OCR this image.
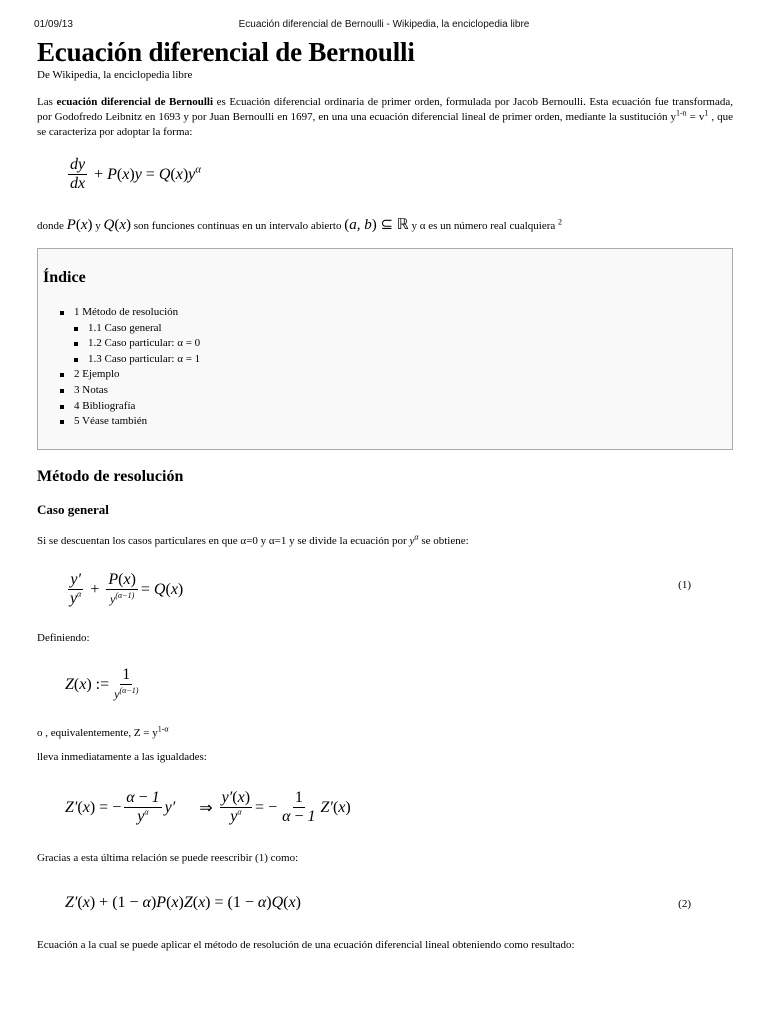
01/09/13	Ecuación diferencial de Bernoulli - Wikipedia, la enciclopedia libre
Ecuación diferencial de Bernoulli
De Wikipedia, la enciclopedia libre

Las ecuación diferencial de Bernoulli es Ecuación diferencial ordinaria de primer orden, formulada por Jacob Bernoulli. Esta ecuación fue transformada, por Godofredo Leibnitz en 1693 y por Juan Bernoulli en 1697, en una una ecuación diferencial lineal de primer orden, mediante la sustitución $y^{1-n} = v^1$ , que se caracteriza por adoptar la forma:

$\frac{dy}{dx} + P(x)y = Q(x)y^\alpha$

donde P(x) y Q(x) son funciones continuas en un intervalo abierto (a, b) ⊆ ℝ y α es un número real cualquiera $^2$

Índice
1 Método de resolución
1.1 Caso general
1.2 Caso particular: α = 0
1.3 Caso particular: α = 1
2 Ejemplo
3 Notas
4 Bibliografía
5 Véase también
Método de resolución
Caso general

Si se descuentan los casos particulares en que α=0 y α=1 y se divide la ecuación por $y^\alpha$ se obtiene:

$\frac{y'}{y^\alpha} + \frac{P(x)}{y^{(\alpha-1)}} = Q(x)$	(1)

Definiendo:

Z(x) := $\frac{1}{y^{(\alpha-1)}}$

o , equivalentemente, $Z = y^{1-\alpha}$

lleva inmediatamente a las igualdades:

Z′(x) = − $\frac{\alpha - 1}{y^\alpha} y'$ ⇒ $\frac{y'(x)}{y^\alpha}$ = − $\frac{1}{\alpha - 1} Z'(x)$

Gracias a esta última relación se puede reescribir (1) como:

Z′(x) + (1 − α)P(x)Z(x) = (1 − α)Q(x)	(2)

Ecuación a la cual se puede aplicar el método de resolución de una ecuación diferencial lineal obteniendo como resultado:
